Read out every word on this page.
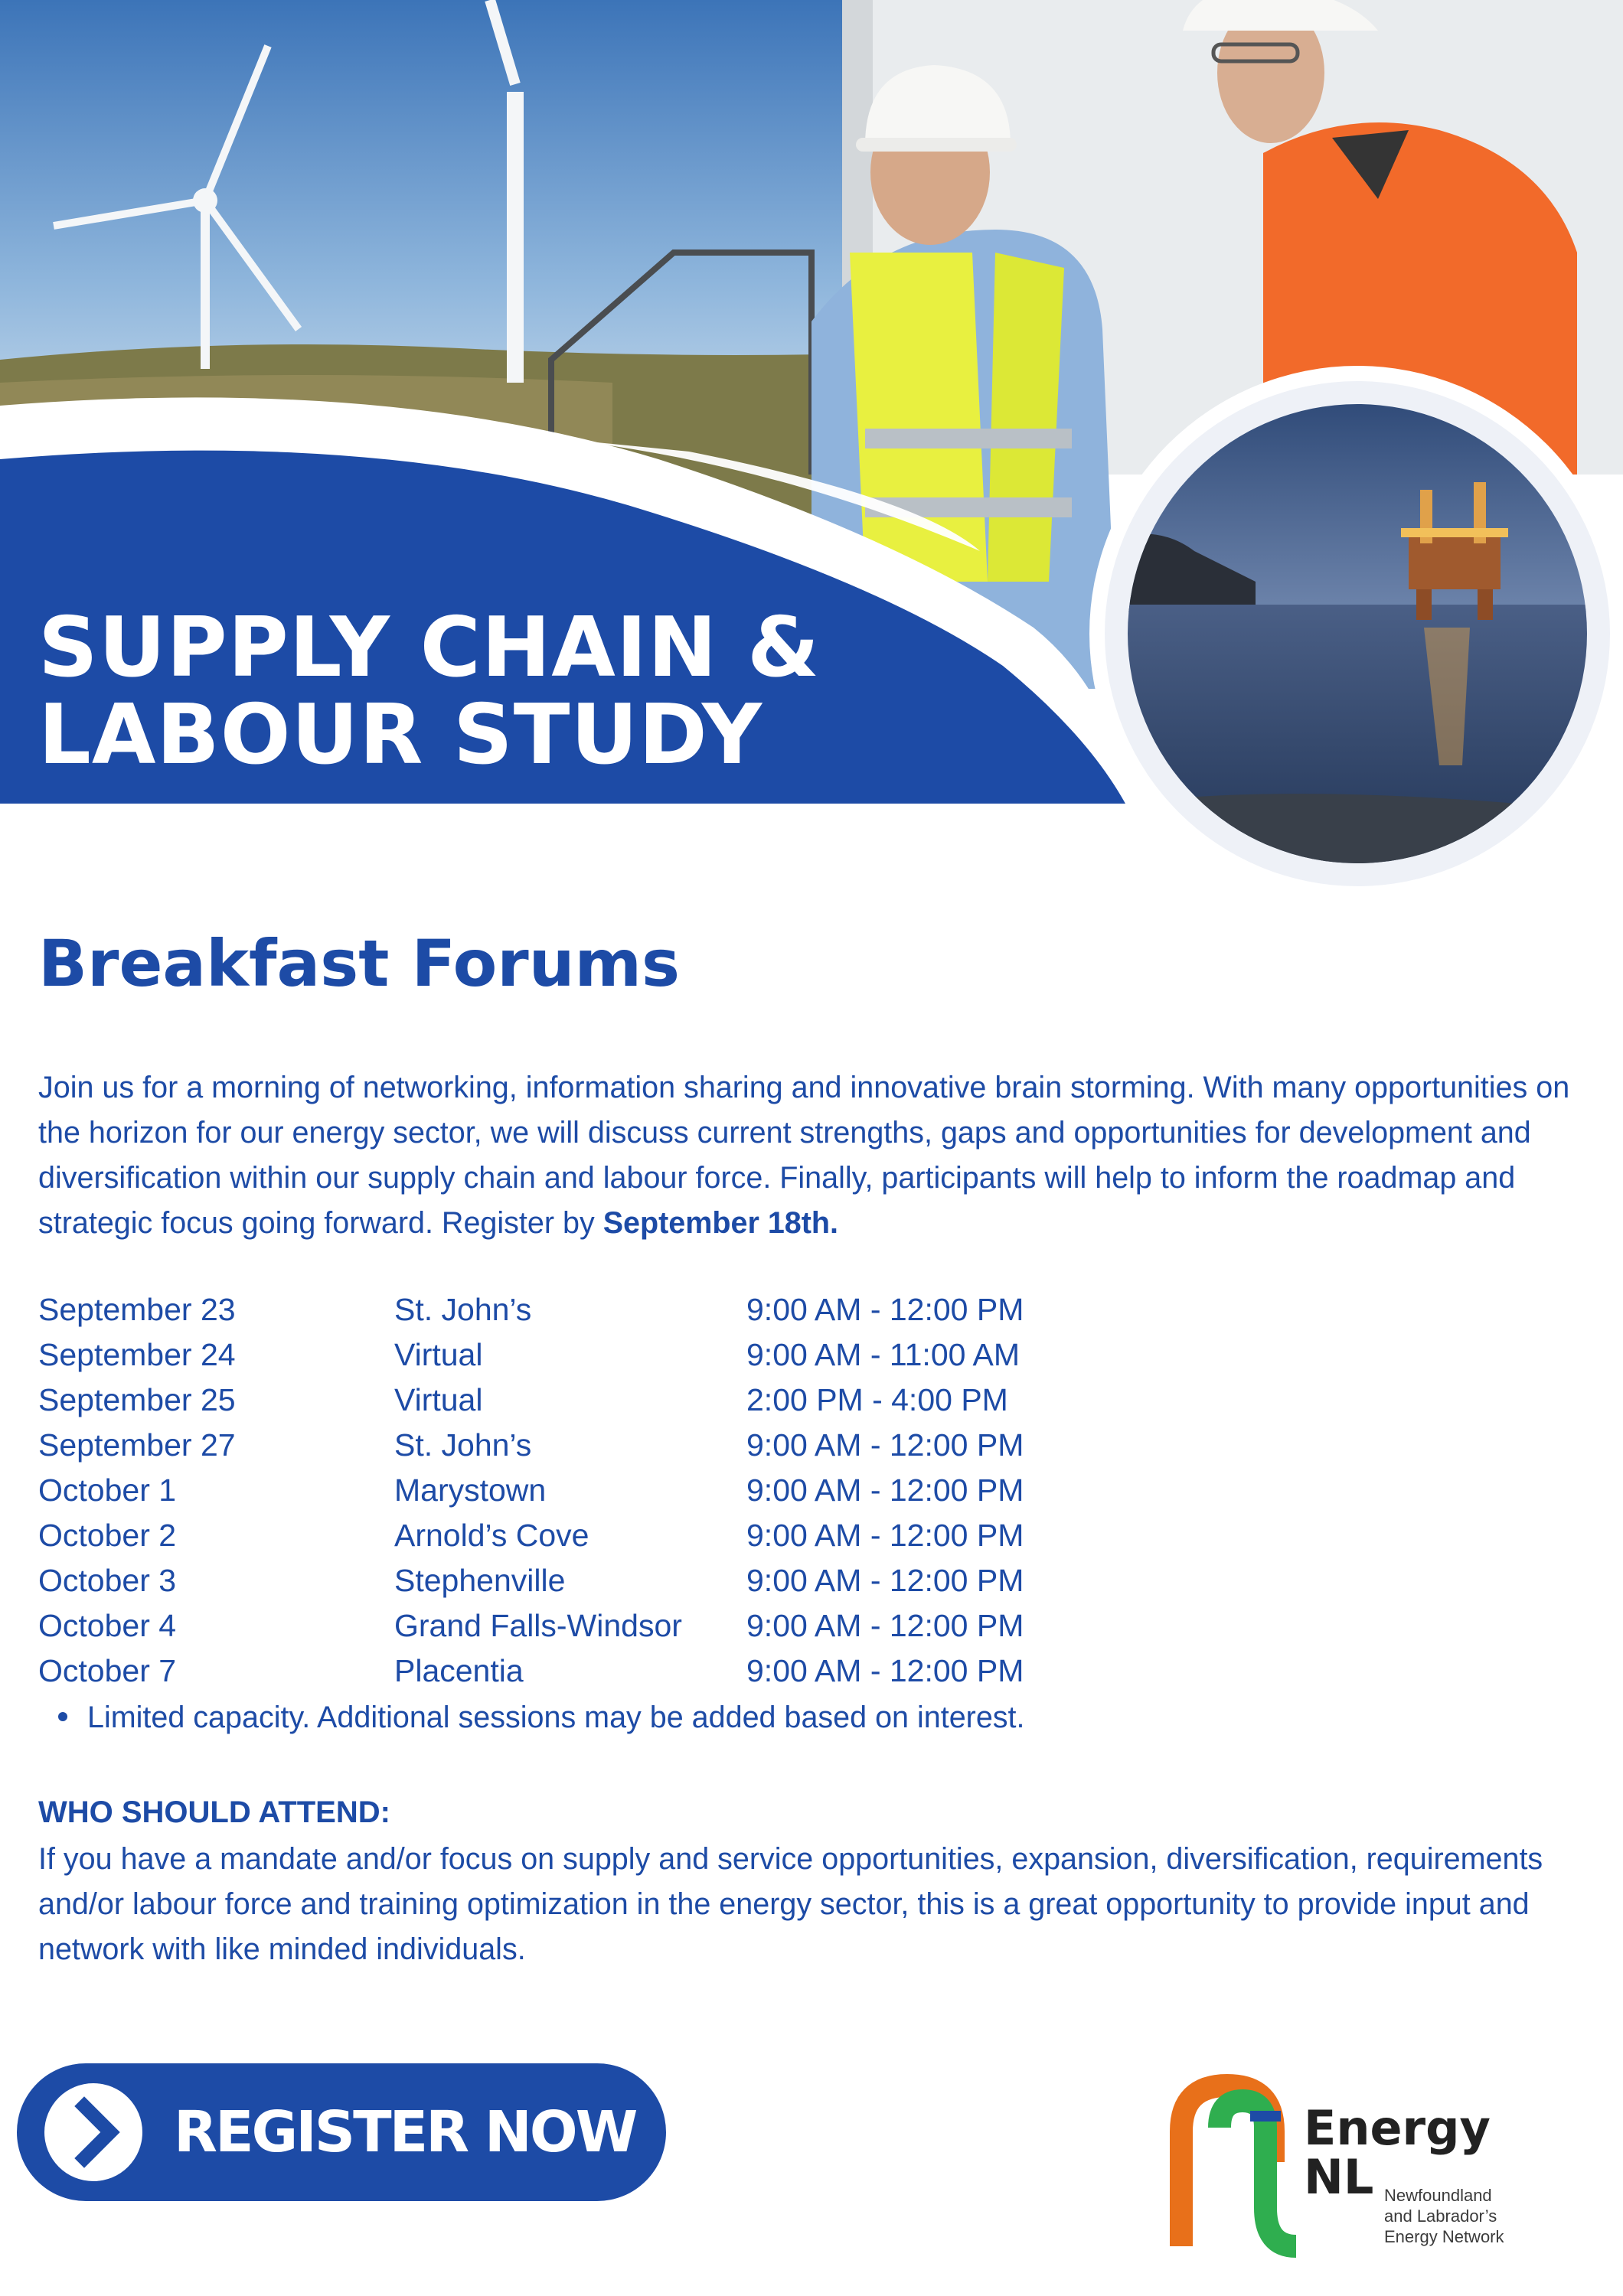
SUPPLY CHAIN &
LABOUR STUDY
Breakfast Forums
Join us for a morning of networking, information sharing and innovative brain storming. With many opportunities on the horizon for our energy sector, we will discuss current strengths, gaps and opportunities for development and diversification within our supply chain and labour force. Finally, participants will help to inform the roadmap and strategic focus going forward. Register by September 18th.
September 23	St. John’s	9:00 AM - 12:00 PM
September 24	Virtual	9:00 AM - 11:00 AM
September 25	Virtual	2:00 PM - 4:00 PM
September 27	St. John’s	9:00 AM - 12:00 PM
October 1	Marystown	9:00 AM - 12:00 PM
October 2	Arnold’s Cove	9:00 AM - 12:00 PM
October 3	Stephenville	9:00 AM - 12:00 PM
October 4	Grand Falls-Windsor 9:00 AM - 12:00 PM
October 7	Placentia	9:00 AM - 12:00 PM
Limited capacity. Additional sessions may be added based on interest.
WHO SHOULD ATTEND:
If you have a mandate and/or focus on supply and service opportunities, expansion, diversification, requirements and/or labour force and training optimization in the energy sector, this is a great opportunity to provide input and network with like minded individuals.
REGISTER NOW	Energy
NL Newfoundland
and Labrador’s
Energy Network
